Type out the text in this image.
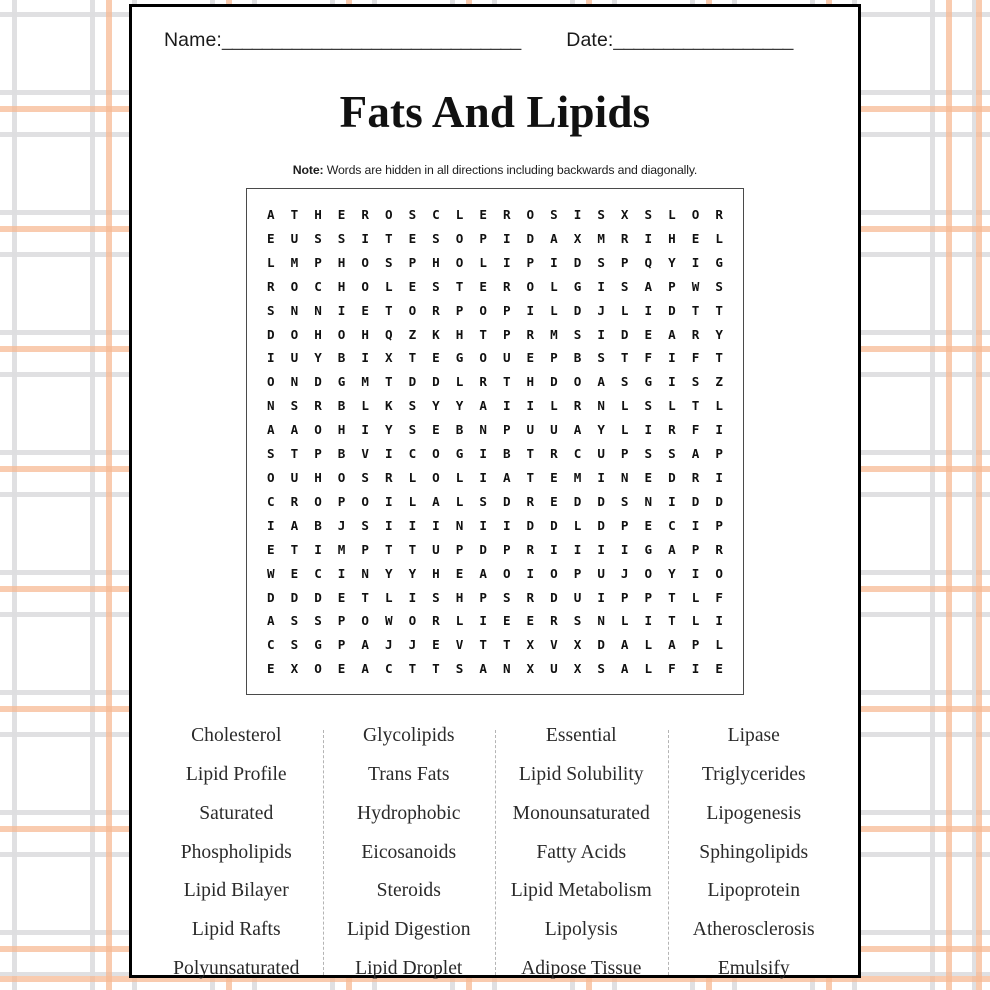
Name: ______________________________ Date: __________________
Fats And Lipids

Note: Words are hidden in all directions including backwards and diagonally.

A	T	H	E	R	O	S	C	L	E	R	O	S	I	S	X	S	L	O	R
E	U	S	S	I	T	E	S	O	P	I	D	A	X	M	R	I	H	E	L
L	M	P	H	O	S	P	H	O	L	I	P	I	D	S	P	Q	Y	I	G
R	O	C	H	O	L	E	S	T	E	R	O	L	G	I	S	A	P	W	S
S	N	N	I	E	T	O	R	P	O	P	I	L	D	J	L	I	D	T	T
D	O	H	O	H	Q	Z	K	H	T	P	R	M	S	I	D	E	A	R	Y
I	U	Y	B	I	X	T	E	G	O	U	E	P	B	S	T	F	I	F	T
O	N	D	G	M	T	D	D	L	R	T	H	D	O	A	S	G	I	S	Z
N	S	R	B	L	K	S	Y	Y	A	I	I	L	R	N	L	S	L	T	L
A	A	O	H	I	Y	S	E	B	N	P	U	U	A	Y	L	I	R	F	I
S	T	P	B	V	I	C	O	G	I	B	T	R	C	U	P	S	S	A	P
O	U	H	O	S	R	L	O	L	I	A	T	E	M	I	N	E	D	R	I
C	R	O	P	O	I	L	A	L	S	D	R	E	D	D	S	N	I	D	D
I	A	B	J	S	I	I	I	N	I	I	D	D	L	D	P	E	C	I	P
E	T	I	M	P	T	T	U	P	D	P	R	I	I	I	I	G	A	P	R
W	E	C	I	N	Y	Y	H	E	A	O	I	O	P	U	J	O	Y	I	O
D	D	D	E	T	L	I	S	H	P	S	R	D	U	I	P	P	T	L	F
A	S	S	P	O	W	O	R	L	I	E	E	R	S	N	L	I	T	L	I
C	S	G	P	A	J	J	E	V	T	T	X	V	X	D	A	L	A	P	L
E	X	O	E	A	C	T	T	S	A	N	X	U	X	S	A	L	F	I	E
Cholesterol
Lipid Profile
Saturated
Phospholipids
Lipid Bilayer
Lipid Rafts
Polyunsaturated
Glycolipids
Trans Fats
Hydrophobic
Eicosanoids
Steroids
Lipid Digestion
Lipid Droplet
Essential
Lipid Solubility
Monounsaturated
Fatty Acids
Lipid Metabolism
Lipolysis
Adipose Tissue
Lipase
Triglycerides
Lipogenesis
Sphingolipids
Lipoprotein
Atherosclerosis
Emulsify
